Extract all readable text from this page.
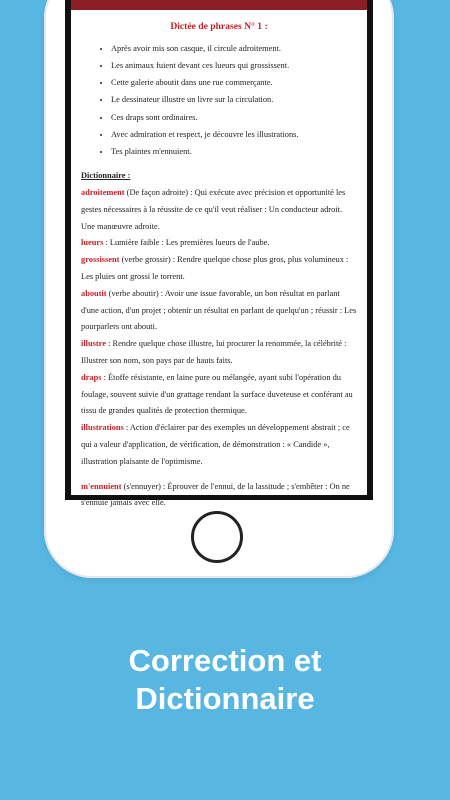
Dictée de phrases N° 1 :
• Après avoir mis son casque, il circule adroitement.
• Les animaux fuient devant ces lueurs qui grossissent.
• Cette galerie aboutit dans une rue commerçante.
• Le dessinateur illustre un livre sur la circulation.
• Ces draps sont ordinaires.
• Avec admiration et respect, je découvre les illustrations.
• Tes plaintes m'ennuient.
Dictionnaire :

adroitement (De façon adroite) : Qui exécute avec précision et opportunité les gestes nécessaires à la réussite de ce qu'il veut réaliser : Un conducteur adroit. Une manœuvre adroite.

lueurs : Lumière faible : Les premières lueurs de l'aube.

grossissent (verbe grossir) : Rendre quelque chose plus gros, plus volumineux : Les pluies ont grossi le torrent.

aboutit (verbe aboutir) : Avoir une issue favorable, un bon résultat en parlant d'une action, d'un projet ; obtenir un résultat en parlant de quelqu'un ; réussir : Les pourparlers ont abouti.

illustre : Rendre quelque chose illustre, lui procurer la renommée, la célébrité : Illustrer son nom, son pays par de hauts faits.

draps : Étoffe résistante, en laine pure ou mélangée, ayant subi l'opération du foulage, souvent suivie d'un grattage rendant la surface duveteuse et conférant au tissu de grandes qualités de protection thermique.

illustrations : Action d'éclairer par des exemples un développement abstrait ; ce qui a valeur d'application, de vérification, de démonstration : « Candide », illustration plaisante de l'optimisme.

m'ennuient (s'ennuyer) : Éprouver de l'ennui, de la lassitude ; s'embêter : On ne s'ennuie jamais avec elle.

Correction et
Dictionnaire
